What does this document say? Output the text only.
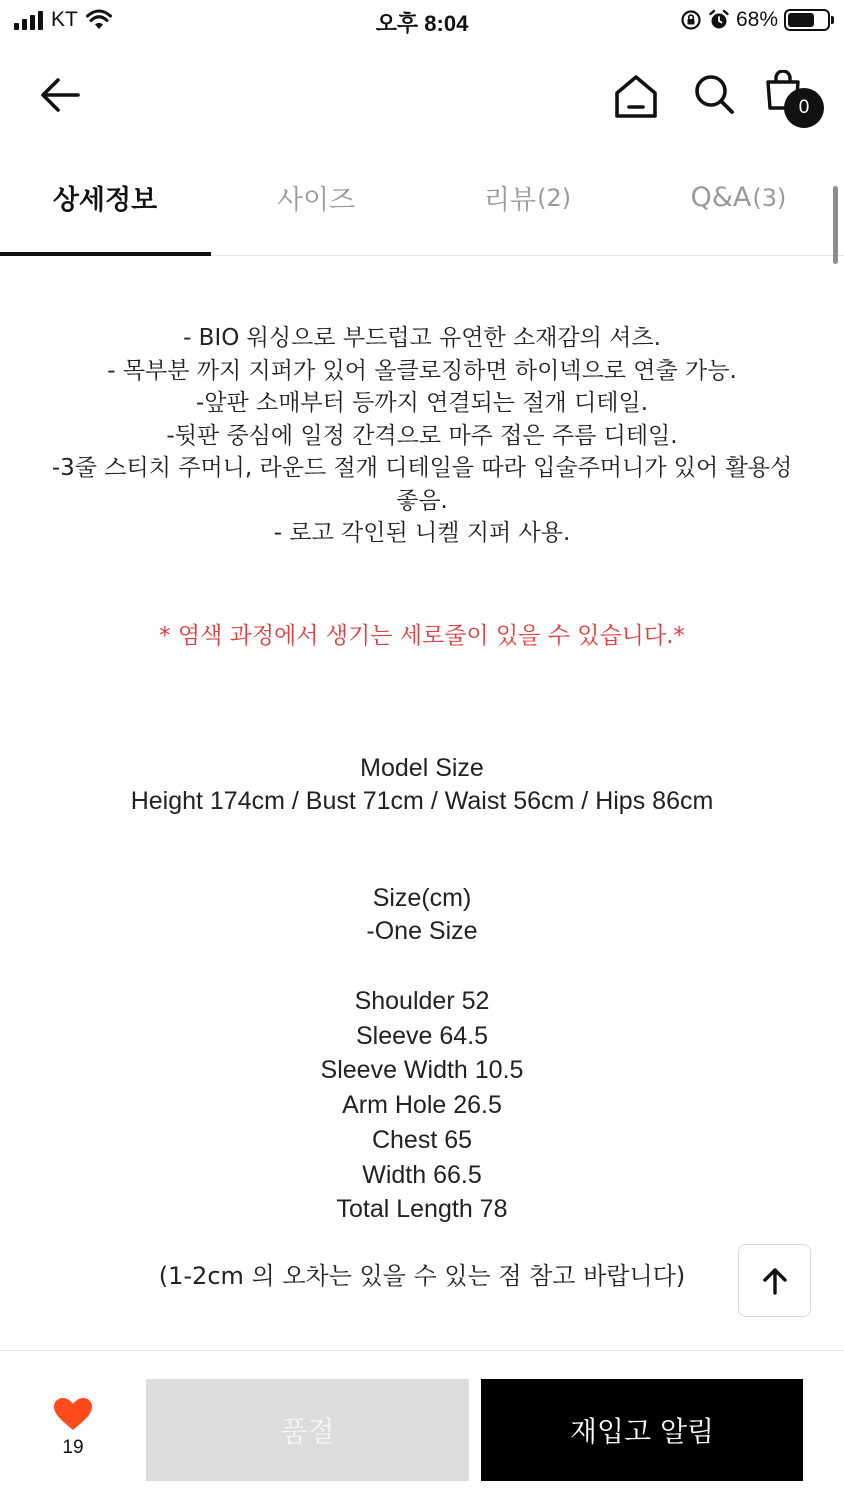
KT	오후 8:04	68%
0
상세정보	사이즈	리뷰 (2)	Q&A (3)
- BIO 워싱으로 부드럽고 유연한 소재감의 셔츠.
- 목부분 까지 지퍼가 있어 올클로징하면 하이넥으로 연출 가능.
-앞판 소매부터 등까지 연결되는 절개 디테일.
-뒷판 중심에 일정 간격으로 마주 접은 주름 디테일.
-3줄 스티치 주머니, 라운드 절개 디테일을 따라 입술주머니가 있어 활용성
좋음.
- 로고 각인된 니켈 지퍼 사용.
* 염색 과정에서 생기는 세로줄이 있을 수 있습니다.*
Model Size
Height 174cm / Bust 71cm / Waist 56cm / Hips 86cm
Size(cm)
-One Size
Shoulder 52
Sleeve 64.5
Sleeve Width 10.5
Arm Hole 26.5
Chest 65
Width 66.5
Total Length 78
(1-2cm 의 오차는 있을 수 있는 점 참고 바랍니다)
19	품절	재입고 알림
